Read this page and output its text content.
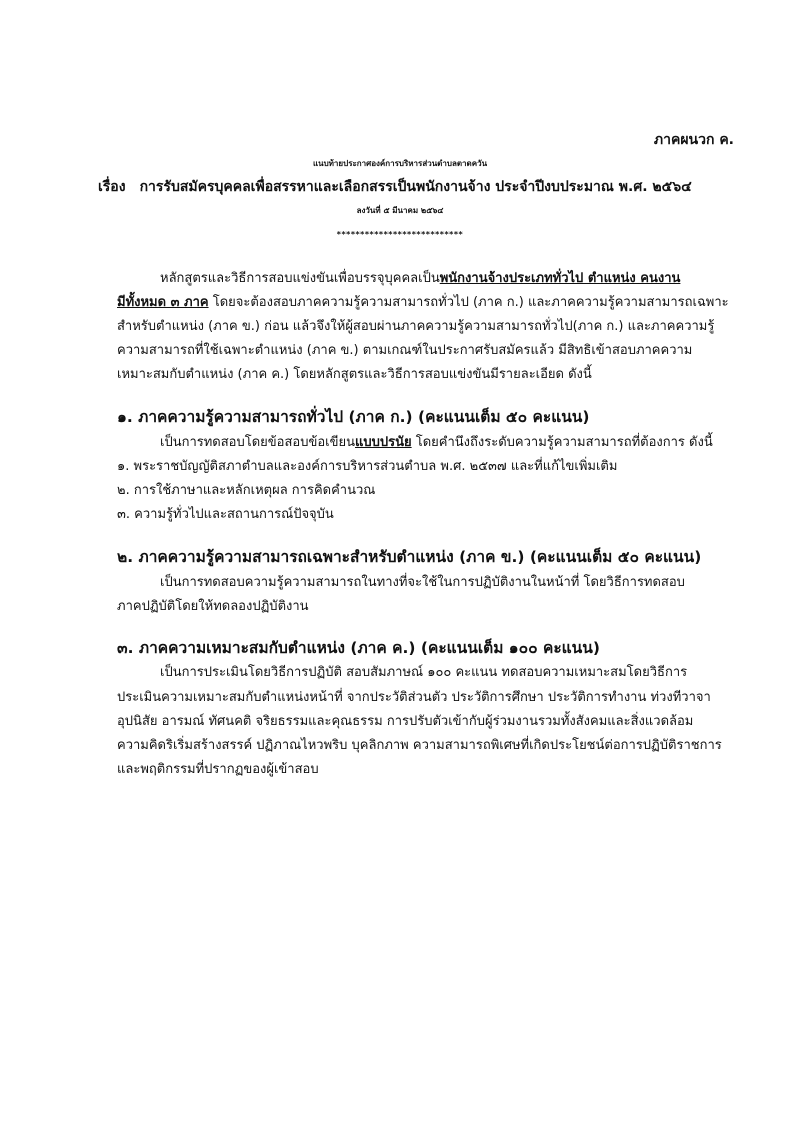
ภาคผนวก ค.
แนบท้ายประกาศองค์การบริหารส่วนตำบลตาดควัน
เรื่อง การรับสมัครบุคคลเพื่อสรรหาและเลือกสรรเป็นพนักงานจ้าง ประจำปีงบประมาณ พ.ศ. ๒๕๖๔
ลงวันที่ ๕ มีนาคม ๒๕๖๔
***************************
หลักสูตรและวิธีการสอบแข่งขันเพื่อบรรจุบุคคลเป็นพนักงานจ้างประเภททั่วไป ตำแหน่ง คนงาน
มีทั้งหมด ๓ ภาค โดยจะต้องสอบภาคความรู้ความสามารถทั่วไป (ภาค ก.) และภาคความรู้ความสามารถเฉพาะ
สำหรับตำแหน่ง (ภาค ข.) ก่อน แล้วจึงให้ผู้สอบผ่านภาคความรู้ความสามารถทั่วไป(ภาค ก.) และภาคความรู้
ความสามารถที่ใช้เฉพาะตำแหน่ง (ภาค ข.) ตามเกณฑ์ในประกาศรับสมัครแล้ว มีสิทธิเข้าสอบภาคความ
เหมาะสมกับตำแหน่ง (ภาค ค.) โดยหลักสูตรและวิธีการสอบแข่งขันมีรายละเอียด ดังนี้
๑. ภาคความรู้ความสามารถทั่วไป (ภาค ก.) (คะแนนเต็ม ๕๐ คะแนน)
เป็นการทดสอบโดยข้อสอบข้อเขียนแบบปรนัย โดยคำนึงถึงระดับความรู้ความสามารถที่ต้องการ ดังนี้
๑. พระราชบัญญัติสภาตำบลและองค์การบริหารส่วนตำบล พ.ศ. ๒๕๓๗ และที่แก้ไขเพิ่มเติม
๒. การใช้ภาษาและหลักเหตุผล การคิดคำนวณ
๓. ความรู้ทั่วไปและสถานการณ์ปัจจุบัน
๒. ภาคความรู้ความสามารถเฉพาะสำหรับตำแหน่ง (ภาค ข.) (คะแนนเต็ม ๕๐ คะแนน)
เป็นการทดสอบความรู้ความสามารถในทางที่จะใช้ในการปฏิบัติงานในหน้าที่ โดยวิธีการทดสอบ
ภาคปฏิบัติโดยให้ทดลองปฏิบัติงาน
๓. ภาคความเหมาะสมกับตำแหน่ง (ภาค ค.) (คะแนนเต็ม ๑๐๐ คะแนน)
เป็นการประเมินโดยวิธีการปฏิบัติ สอบสัมภาษณ์ ๑๐๐ คะแนน ทดสอบความเหมาะสมโดยวิธีการ
ประเมินความเหมาะสมกับตำแหน่งหน้าที่ จากประวัติส่วนตัว ประวัติการศึกษา ประวัติการทำงาน ท่วงทีวาจา
อุปนิสัย อารมณ์ ทัศนคติ จริยธรรมและคุณธรรม การปรับตัวเข้ากับผู้ร่วมงานรวมทั้งสังคมและสิ่งแวดล้อม
ความคิดริเริ่มสร้างสรรค์ ปฏิภาณไหวพริบ บุคลิกภาพ ความสามารถพิเศษที่เกิดประโยชน์ต่อการปฏิบัติราชการ
และพฤติกรรมที่ปรากฏของผู้เข้าสอบ
